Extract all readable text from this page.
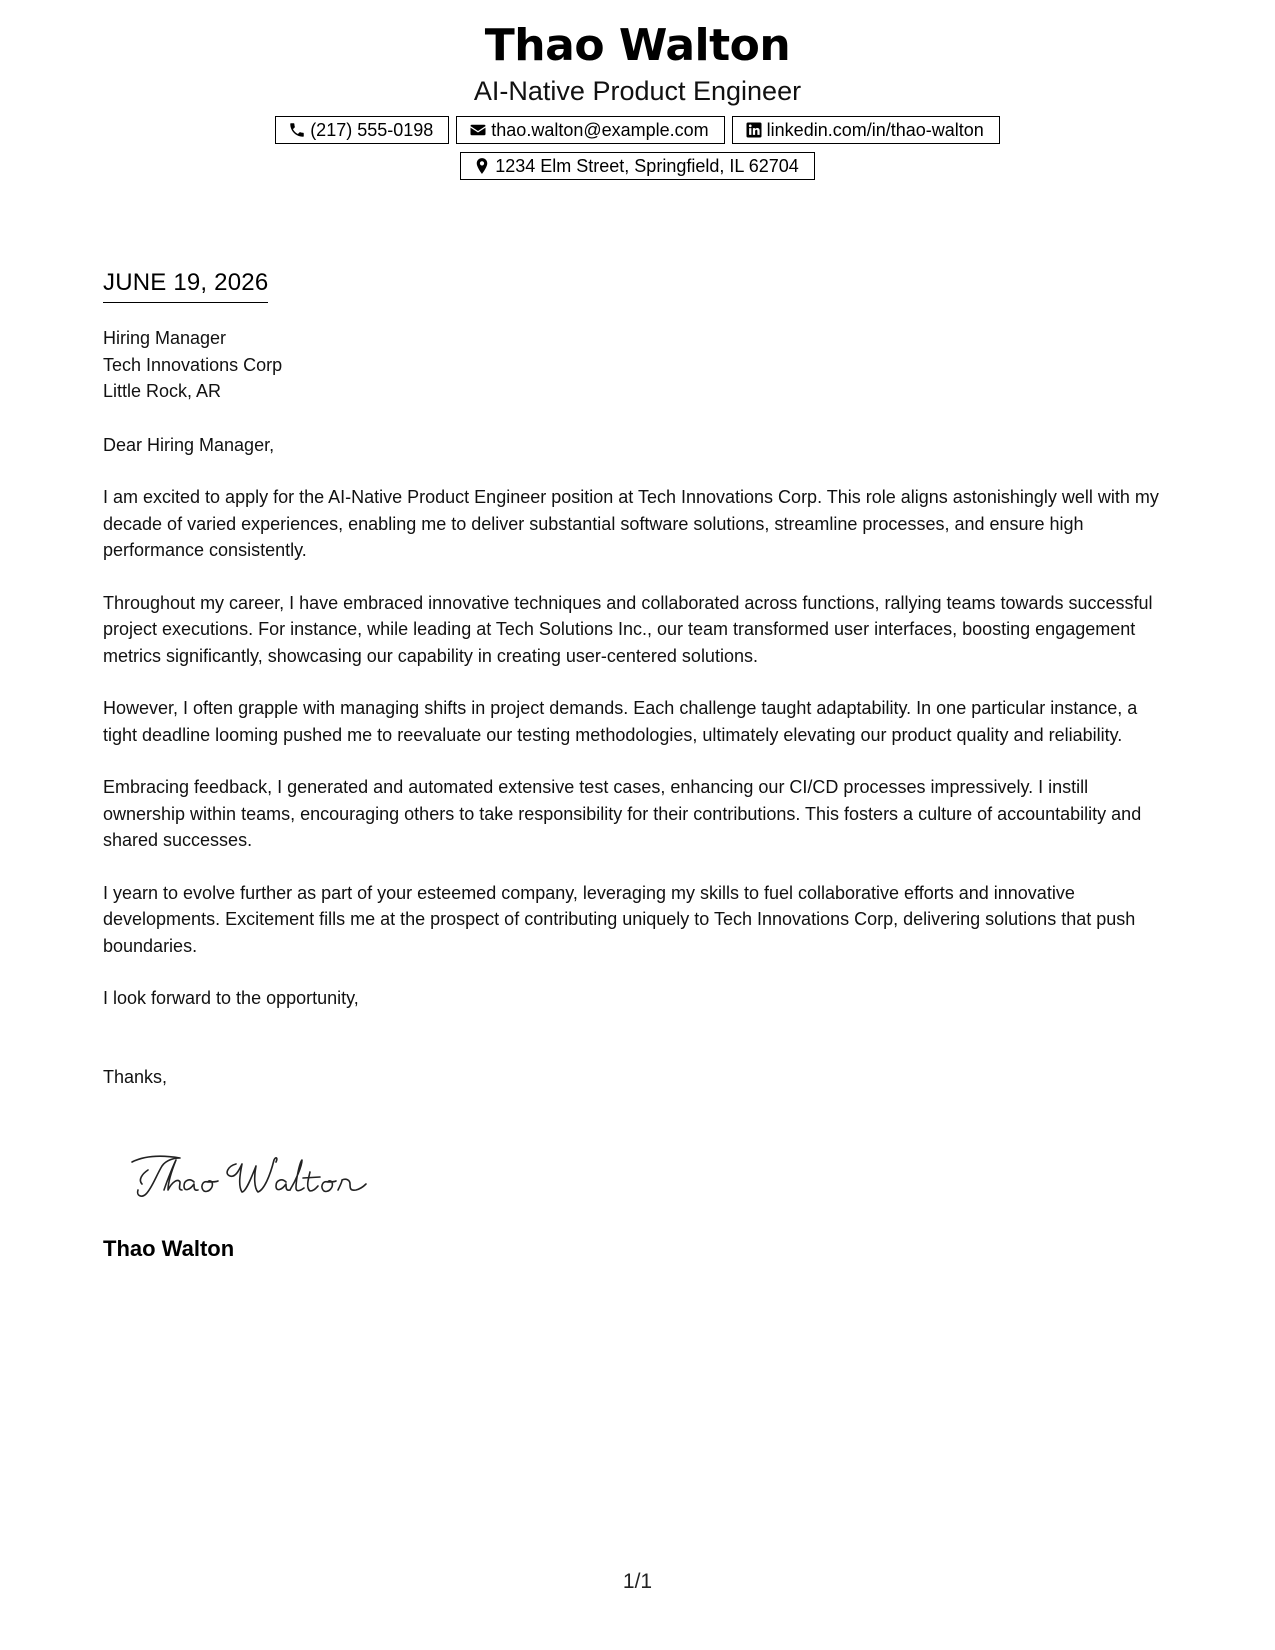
Thao Walton
AI-Native Product Engineer
(217) 555-0198	thao.walton@example.com	linkedin.com/in/thao-walton
1234 Elm Street, Springfield, IL 62704
JUNE 19, 2026
Hiring Manager
Tech Innovations Corp
Little Rock, AR

Dear Hiring Manager,

I am excited to apply for the AI-Native Product Engineer position at Tech Innovations Corp. This role aligns astonishingly well with my decade of varied experiences, enabling me to deliver substantial software solutions, streamline processes, and ensure high performance consistently.

Throughout my career, I have embraced innovative techniques and collaborated across functions, rallying teams towards successful project executions. For instance, while leading at Tech Solutions Inc., our team transformed user interfaces, boosting engagement metrics significantly, showcasing our capability in creating user-centered solutions.

However, I often grapple with managing shifts in project demands. Each challenge taught adaptability. In one particular instance, a tight deadline looming pushed me to reevaluate our testing methodologies, ultimately elevating our product quality and reliability.

Embracing feedback, I generated and automated extensive test cases, enhancing our CI/CD processes impressively. I instill ownership within teams, encouraging others to take responsibility for their contributions. This fosters a culture of accountability and shared successes.

I yearn to evolve further as part of your esteemed company, leveraging my skills to fuel collaborative efforts and innovative developments. Excitement fills me at the prospect of contributing uniquely to Tech Innovations Corp, delivering solutions that push boundaries.

I look forward to the opportunity,

Thanks,

Thao Walton
1/1
